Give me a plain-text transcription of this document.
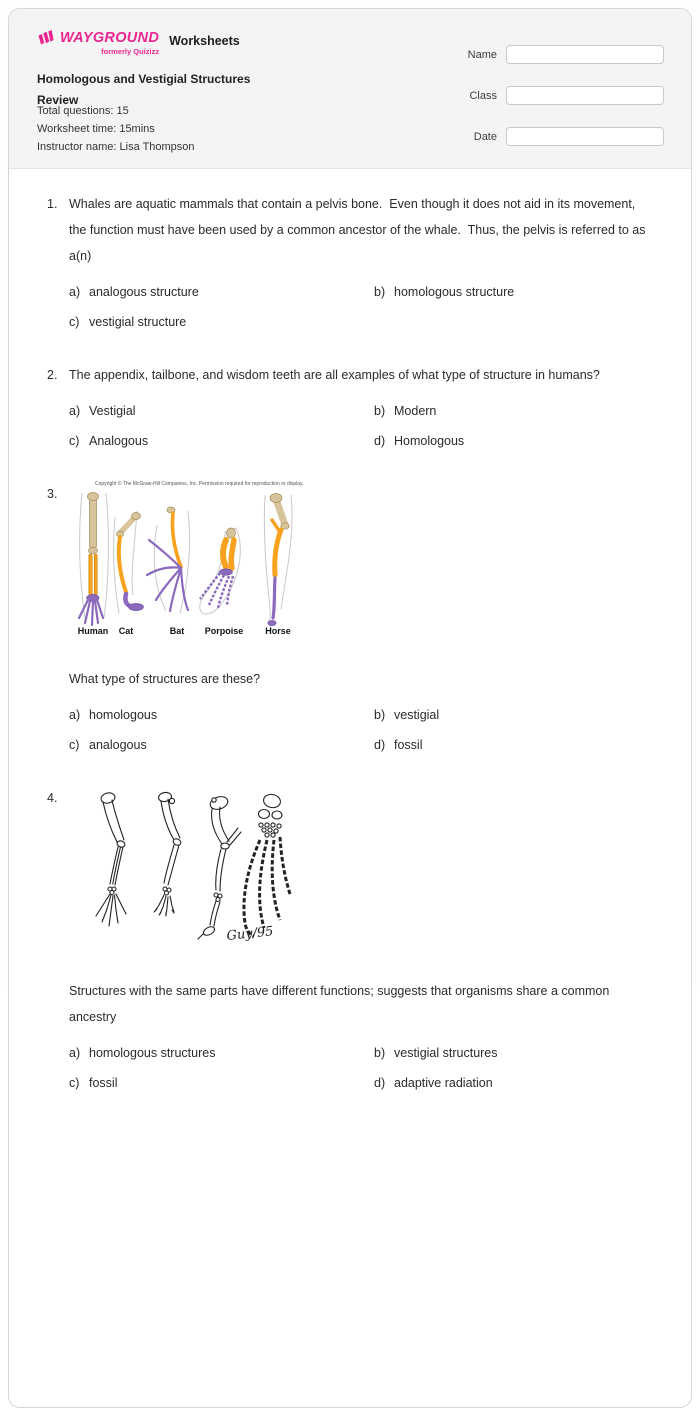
WAYGROUND
formerly Quizizz
Worksheets
Homologous and Vestigial Structures Review
Total questions: 15
Worksheet time: 15mins
Instructor name: Lisa Thompson
Name
Class
Date
1. Whales are aquatic mammals that contain a pelvis bone.  Even though it does not aid in its movement, the function must have been used by a common ancestor of the whale.  Thus, the pelvis is referred to as a(n)
a) analogous structure	b) homologous structure
c) vestigial structure
2. The appendix, tailbone, and wisdom teeth are all examples of what type of structure in humans?
a) Vestigial	b) Modern
c) Analogous	d) Homologous
3.
Copyright © The McGraw-Hill Companies, Inc. Permission required for reproduction or display.
Human Cat	Bat Porpoise Horse
What type of structures are these?
a) homologous	b) vestigial
c) analogous	d) fossil
4.
Guy/95
Structures with the same parts have different functions; suggests that organisms share a common ancestry
a) homologous structures	b) vestigial structures
c) fossil	d) adaptive radiation
